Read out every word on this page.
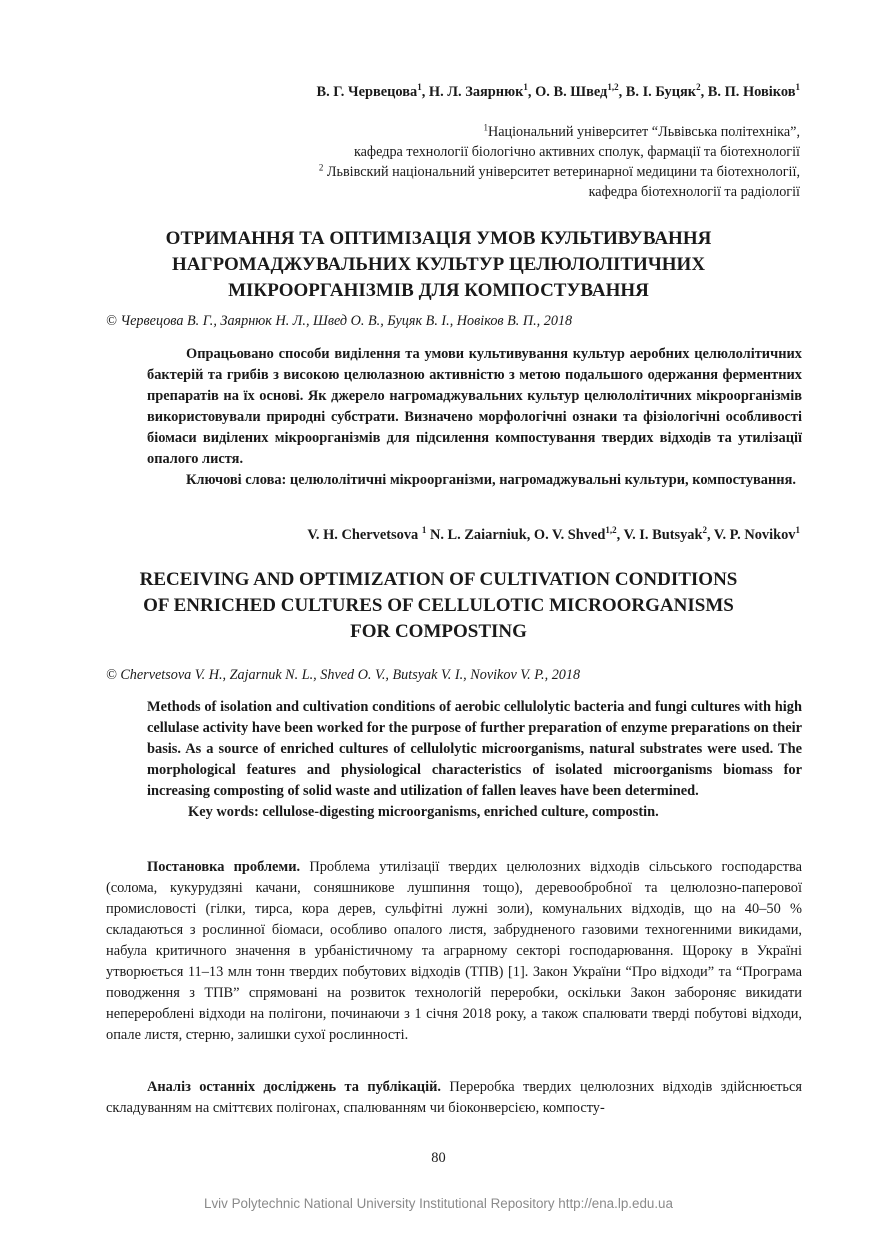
В. Г. Червецова$^1$, Н. Л. Заярнюк$^1$, О. В. Швед$^{1,2}$, В. І. Буцяк$^2$, В. П. Новіков$^1$
$^1$Національний університет “Львівська політехніка”,
кафедра технології біологічно активних сполук, фармації та біотехнології
$^2$ Львівский національний університет ветеринарної медицини та біотехнології,
кафедра біотехнології та радіології
ОТРИМАННЯ ТА ОПТИМІЗАЦІЯ УМОВ КУЛЬТИВУВАННЯ
НАГРОМАДЖУВАЛЬНИХ КУЛЬТУР ЦЕЛЮЛОЛІТИЧНИХ
МІКРООРГАНІЗМІВ ДЛЯ КОМПОСТУВАННЯ
© Червецова В. Г., Заярнюк Н. Л., Швед О. В., Буцяк В. І., Новіков В. П., 2018

Опрацьовано способи виділення та умови культивування культур аеробних целюлолітичних бактерій та грибів з високою целюлазною активністю з метою подальшого одержання ферментних препаратів на їх основі. Як джерело нагромаджувальних культур целюлолітичних мікроорганізмів використовували природні субстрати. Визначено морфологічні ознаки та фізіологічні особливості біомаси виділених мікроорганізмів для підсилення компостування твердих відходів та утилізації опалого листя.

Ключові слова: целюлолітичні мікроорганізми, нагромаджувальні культури, компостування.

V. H. Chervetsova $^1$ N. L. Zaiarniuk, O. V. Shved$^{1,2}$, V. I. Butsyak$^2$, V. P. Novikov$^1$
RECEIVING AND OPTIMIZATION OF CULTIVATION CONDITIONS
OF ENRICHED CULTURES OF CELLULOTIC MICROORGANISMS
FOR COMPOSTING
© Chervetsova V. H., Zajarnuk N. L., Shved O. V., Butsyak V. I., Novikov V. P., 2018

Methods of isolation and cultivation conditions of aerobic cellulolytic bacteria and fungi cultures with high cellulase activity have been worked for the purpose of further preparation of enzyme preparations on their basis. As a source of enriched cultures of cellulolytic microorganisms, natural substrates were used. The morphological features and physiological characteristics of isolated microorganisms biomass for increasing composting of solid waste and utilization of fallen leaves have been determined.

Key words: cellulose-digesting microorganisms, enriched culture, compostin.

Постановка проблеми. Проблема утилізації твердих целюлозних відходів сільського господарства (солома, кукурудзяні качани, соняшникове лушпиння тощо), деревообробної та целюлозно-паперової промисловості (гілки, тирса, кора дерев, сульфітні лужні золи), комунальних відходів, що на 40–50 % складаються з рослинної біомаси, особливо опалого листя, забрудненого газовими техногенними викидами, набула критичного значення в урбаністичному та аграрному секторі господарювання. Щороку в Україні утворюється 11–13 млн тонн твердих побутових відходів (ТПВ) [1]. Закон України “Про відходи” та “Програма поводження з ТПВ” спрямовані на розвиток технологій переробки, оскільки Закон забороняє викидати неперероблені відходи на полігони, починаючи з 1 січня 2018 року, а також спалювати тверді побутові відходи, опале листя, стерню, залишки сухої рослинності.

Аналіз останніх досліджень та публікацій. Переробка твердих целюлозних відходів здійснюється складуванням на сміттєвих полігонах, спалюванням чи біоконверсією, компосту-

80
Lviv Polytechnic National University Institutional Repository http://ena.lp.edu.ua
